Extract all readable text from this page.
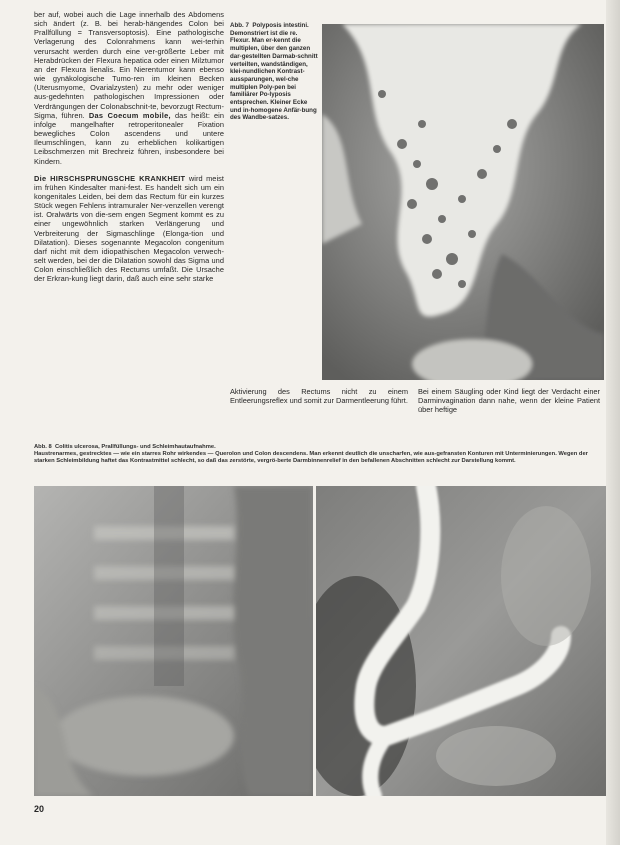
ber auf, wobei auch die Lage innerhalb des Abdomens sich ändert (z. B. bei herab-hängendes Colon bei Prallfüllung = Transversoptosis). Eine pathologische Verlagerung des Colonrahmens kann wei-terhin verursacht werden durch eine ver-größerte Leber mit Herabdrücken der Flexura hepatica oder einen Milztumor an der Flexura lienalis. Ein Nierentumor kann ebenso wie gynäkologische Tumo-ren im kleinen Becken (Uterusmyome, Ovarialzysten) zu mehr oder weniger aus-gedehnten pathologischen Impressionen oder Verdrängungen der Colonabschnit-te, bevorzugt Rectum-Sigma, führen. Das Coecum mobile, das heißt: ein infolge mangelhafter retroperitonealer Fixation bewegliches Colon ascendens und untere Ileumschlingen, kann zu erheblichen kolikartigen Leibschmerzen mit Brechreiz führen, insbesondere bei Kindern.

Die HIRSCHSPRUNGSCHE KRANKHEIT wird meist im frühen Kindesalter mani-fest. Es handelt sich um ein kongenitales Leiden, bei dem das Rectum für ein kurzes Stück wegen Fehlens intramuraler Ner-venzellen verengt ist. Oralwärts von die-sem engen Segment kommt es zu einer ungewöhnlich starken Verlängerung und Verbreiterung der Sigmaschlinge (Elonga-tion und Dilatation). Dieses sogenannte Megacolon congenitum darf nicht mit dem idiopathischen Megacolon verwech-selt werden, bei der die Dilatation sowohl das Sigma und Colon einschließlich des Rectums umfaßt. Die Ursache der Erkran-kung liegt darin, daß auch eine sehr starke

Abb. 7 Polyposis intestini. Demonstriert ist die re. Flexur. Man er-kennt die multiplen, über den ganzen dar-gestellten Darmab-schnitt verteilten, wandständigen, klei-nundlichen Kontrast-aussparungen, wel-che multiplen Poly-pen bei familiärer Po-lyposis entsprechen. Kleiner Ecke und in-homogene Anfär-bung des Wandbe-satzes.
Aktivierung des Rectums nicht zu einem Entleerungsreflex und somit zur Darmentleerung führt.
Bei einem Säugling oder Kind liegt der Verdacht einer Darminvagination dann nahe, wenn der kleine Patient über heftige
Abb. 8 Colitis ulcerosa, Prallfüllungs- und Schleimhautaufnahme.
Haustrenarmes, gestrecktes — wie ein starres Rohr wirkendes — Querolon und Colon descendens. Man erkennt deutlich die unscharfen, wie aus-gefransten Konturen mit Unterminierungen. Wegen der starken Schleimbildung haftet das Kontrastmittel schlecht, so daß das zerstörte, vergrö-berte Darmbinnenrelief in den befallenen Abschnitten schlecht zur Darstellung kommt.
20
